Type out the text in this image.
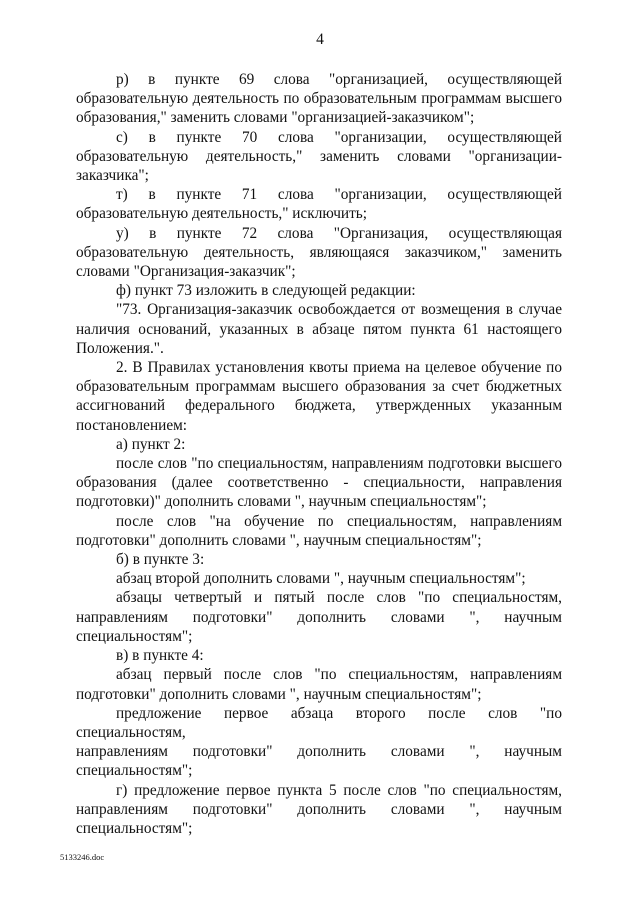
4

р) в пункте 69 слова "организацией, осуществляющей

образовательную деятельность по образовательным программам высшего

образования," заменить словами "организацией-заказчиком";

с) в пункте 70 слова "организации, осуществляющей

образовательную деятельность," заменить словами "организации-

заказчика";

т) в пункте 71 слова "организации, осуществляющей

образовательную деятельность," исключить;

у) в пункте 72 слова "Организация, осуществляющая

образовательную деятельность, являющаяся заказчиком," заменить

словами "Организация-заказчик";

ф) пункт 73 изложить в следующей редакции:

"73. Организация-заказчик освобождается от возмещения в случае

наличия оснований, указанных в абзаце пятом пункта 61 настоящего

Положения.".

2. В Правилах установления квоты приема на целевое обучение по

образовательным программам высшего образования за счет бюджетных

ассигнований федерального бюджета, утвержденных указанным

постановлением:

а) пункт 2:

после слов "по специальностям, направлениям подготовки высшего

образования (далее соответственно - специальности, направления

подготовки)" дополнить словами ", научным специальностям";

после слов "на обучение по специальностям, направлениям

подготовки" дополнить словами ", научным специальностям";

б) в пункте 3:

абзац второй дополнить словами ", научным специальностям";

абзацы четвертый и пятый после слов "по специальностям,

направлениям подготовки" дополнить словами ", научным

специальностям";

в) в пункте 4:

абзац первый после слов "по специальностям, направлениям

подготовки" дополнить словами ", научным специальностям";

предложение первое абзаца второго после слов "по специальностям,

направлениям подготовки" дополнить словами ", научным

специальностям";

г) предложение первое пункта 5 после слов "по специальностям,

направлениям подготовки" дополнить словами ", научным

специальностям";

5133246.doc
